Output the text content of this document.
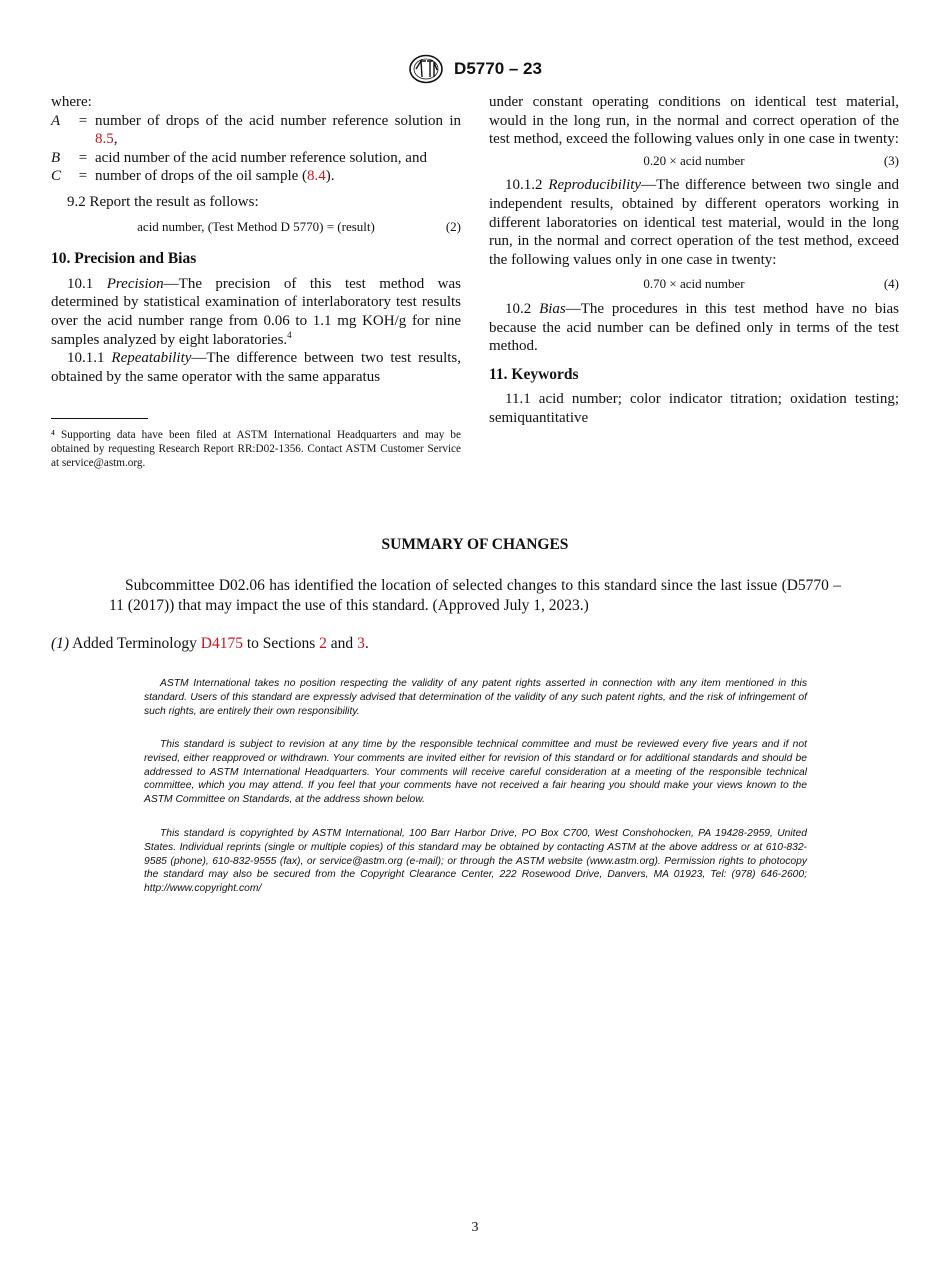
D5770 – 23

where:

A	= number of drops of the acid number reference solution in 8.5,
B	= acid number of the acid number reference solution, and
C	= number of drops of the oil sample (8.4).

9.2 Report the result as follows:

acid number, (Test Method D 5770) = (result)	(2)

10. Precision and Bias

10.1 Precision—The precision of this test method was determined by statistical examination of interlaboratory test results over the acid number range from 0.06 to 1.1 mg KOH/g for nine samples analyzed by eight laboratories.$^4$

10.1.1 Repeatability—The difference between two test results, obtained by the same operator with the same apparatus

⁴ Supporting data have been filed at ASTM International Headquarters and may be obtained by requesting Research Report RR:D02-1356. Contact ASTM Customer Service at service@astm.org.

under constant operating conditions on identical test material, would in the long run, in the normal and correct operation of the test method, exceed the following values only in one case in twenty:

0.20 × acid number	(3)

10.1.2 Reproducibility—The difference between two single and independent results, obtained by different operators working in different laboratories on identical test material, would in the long run, in the normal and correct operation of the test method, exceed the following values only in one case in twenty:

0.70 × acid number	(4)

10.2 Bias—The procedures in this test method have no bias because the acid number can be defined only in terms of the test method.

11. Keywords

11.1 acid number; color indicator titration; oxidation testing; semiquantitative

SUMMARY OF CHANGES
Subcommittee D02.06 has identified the location of selected changes to this standard since the last issue (D5770 – 11 (2017)) that may impact the use of this standard. (Approved July 1, 2023.)
(1) Added Terminology D4175 to Sections 2 and 3.
ASTM International takes no position respecting the validity of any patent rights asserted in connection with any item mentioned in this standard. Users of this standard are expressly advised that determination of the validity of any such patent rights, and the risk of infringement of such rights, are entirely their own responsibility.
This standard is subject to revision at any time by the responsible technical committee and must be reviewed every five years and if not revised, either reapproved or withdrawn. Your comments are invited either for revision of this standard or for additional standards and should be addressed to ASTM International Headquarters. Your comments will receive careful consideration at a meeting of the responsible technical committee, which you may attend. If you feel that your comments have not received a fair hearing you should make your views known to the ASTM Committee on Standards, at the address shown below.
This standard is copyrighted by ASTM International, 100 Barr Harbor Drive, PO Box C700, West Conshohocken, PA 19428-2959, United States. Individual reprints (single or multiple copies) of this standard may be obtained by contacting ASTM at the above address or at 610-832-9585 (phone), 610-832-9555 (fax), or service@astm.org (e-mail); or through the ASTM website (www.astm.org). Permission rights to photocopy the standard may also be secured from the Copyright Clearance Center, 222 Rosewood Drive, Danvers, MA 01923, Tel: (978) 646-2600; http://www.copyright.com/
3
